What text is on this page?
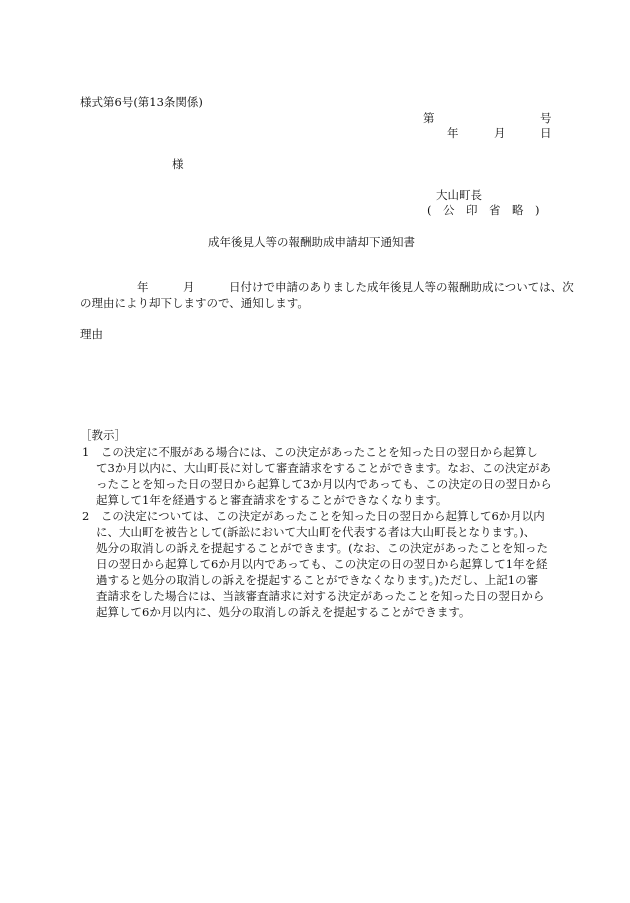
様式第6号(第13条関係)
第	号
年	月	日
様
大山町長
(　公　印　省　略　)
成年後見人等の報酬助成申請却下通知書
年　　　月　　　日付けで申請のありました成年後見人等の報酬助成については、次
の理由により却下しますので、通知します。
理由
［教示］
1　この決定に不服がある場合には、この決定があったことを知った日の翌日から起算し
て3か月以内に、大山町長に対して審査請求をすることができます。なお、この決定があ
ったことを知った日の翌日から起算して3か月以内であっても、この決定の日の翌日から
起算して1年を経過すると審査請求をすることができなくなります。
2　この決定については、この決定があったことを知った日の翌日から起算して6か月以内
に、大山町を被告として(訴訟において大山町を代表する者は大山町長となります。)、
処分の取消しの訴えを提起することができます。(なお、この決定があったことを知った
日の翌日から起算して6か月以内であっても、この決定の日の翌日から起算して1年を経
過すると処分の取消しの訴えを提起することができなくなります。)ただし、上記1の審
査請求をした場合には、当該審査請求に対する決定があったことを知った日の翌日から
起算して6か月以内に、処分の取消しの訴えを提起することができます。
